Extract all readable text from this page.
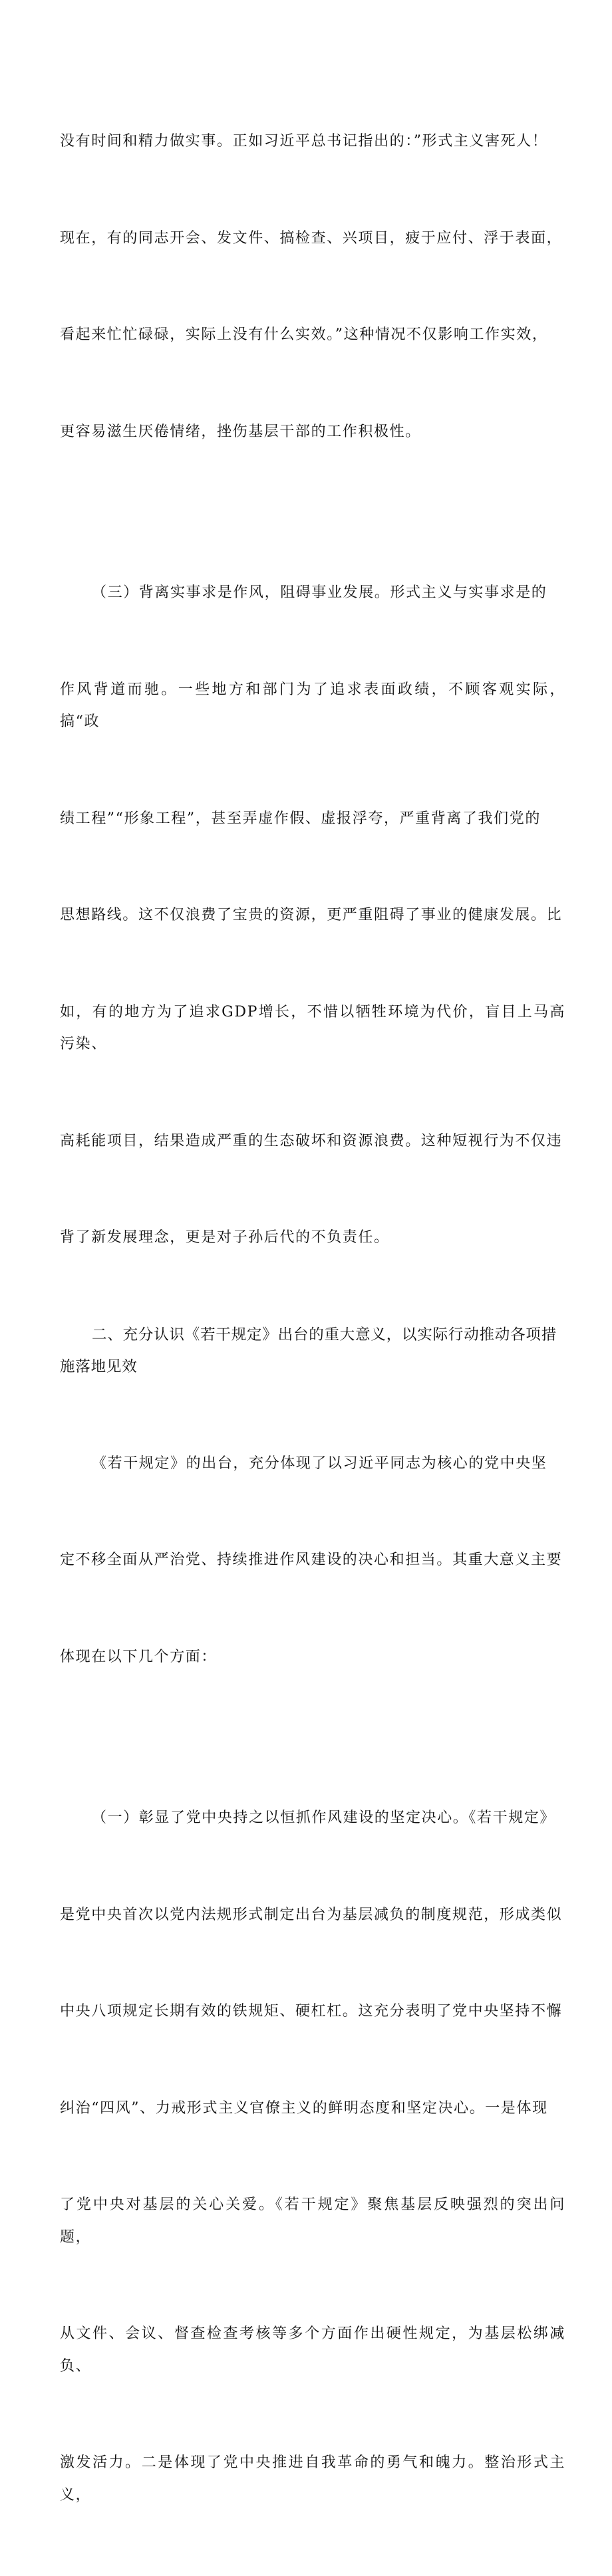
没有时间和精力做实事。正如习近平总书记指出的：”形式主义害死人！

现在，有的同志开会、发文件、搞检查、兴项目，疲于应付、浮于表面，

看起来忙忙碌碌，实际上没有什么实效。”这种情况不仅影响工作实效，

更容易滋生厌倦情绪，挫伤基层干部的工作积极性。

（三）背离实事求是作风，阻碍事业发展。形式主义与实事求是的

作风背道而驰。一些地方和部门为了追求表面政绩，不顾客观实际，搞“政

绩工程”“形象工程”，甚至弄虚作假、虚报浮夸，严重背离了我们党的

思想路线。这不仅浪费了宝贵的资源，更严重阻碍了事业的健康发展。比

如，有的地方为了追求GDP增长，不惜以牺牲环境为代价，盲目上马高污染、

高耗能项目，结果造成严重的生态破坏和资源浪费。这种短视行为不仅违

背了新发展理念，更是对子孙后代的不负责任。

二、充分认识《若干规定》出台的重大意义，以实际行动推动各项措
施落地见效

《若干规定》的出台，充分体现了以习近平同志为核心的党中央坚

定不移全面从严治党、持续推进作风建设的决心和担当。其重大意义主要

体现在以下几个方面：

（一）彰显了党中央持之以恒抓作风建设的坚定决心。《若干规定》

是党中央首次以党内法规形式制定出台为基层减负的制度规范，形成类似

中央八项规定长期有效的铁规矩、硬杠杠。这充分表明了党中央坚持不懈

纠治“四风”、力戒形式主义官僚主义的鲜明态度和坚定决心。一是体现

了党中央对基层的关心关爱。《若干规定》聚焦基层反映强烈的突出问题，

从文件、会议、督查检查考核等多个方面作出硬性规定，为基层松绑减负、

激发活力。二是体现了党中央推进自我革命的勇气和魄力。整治形式主义，
